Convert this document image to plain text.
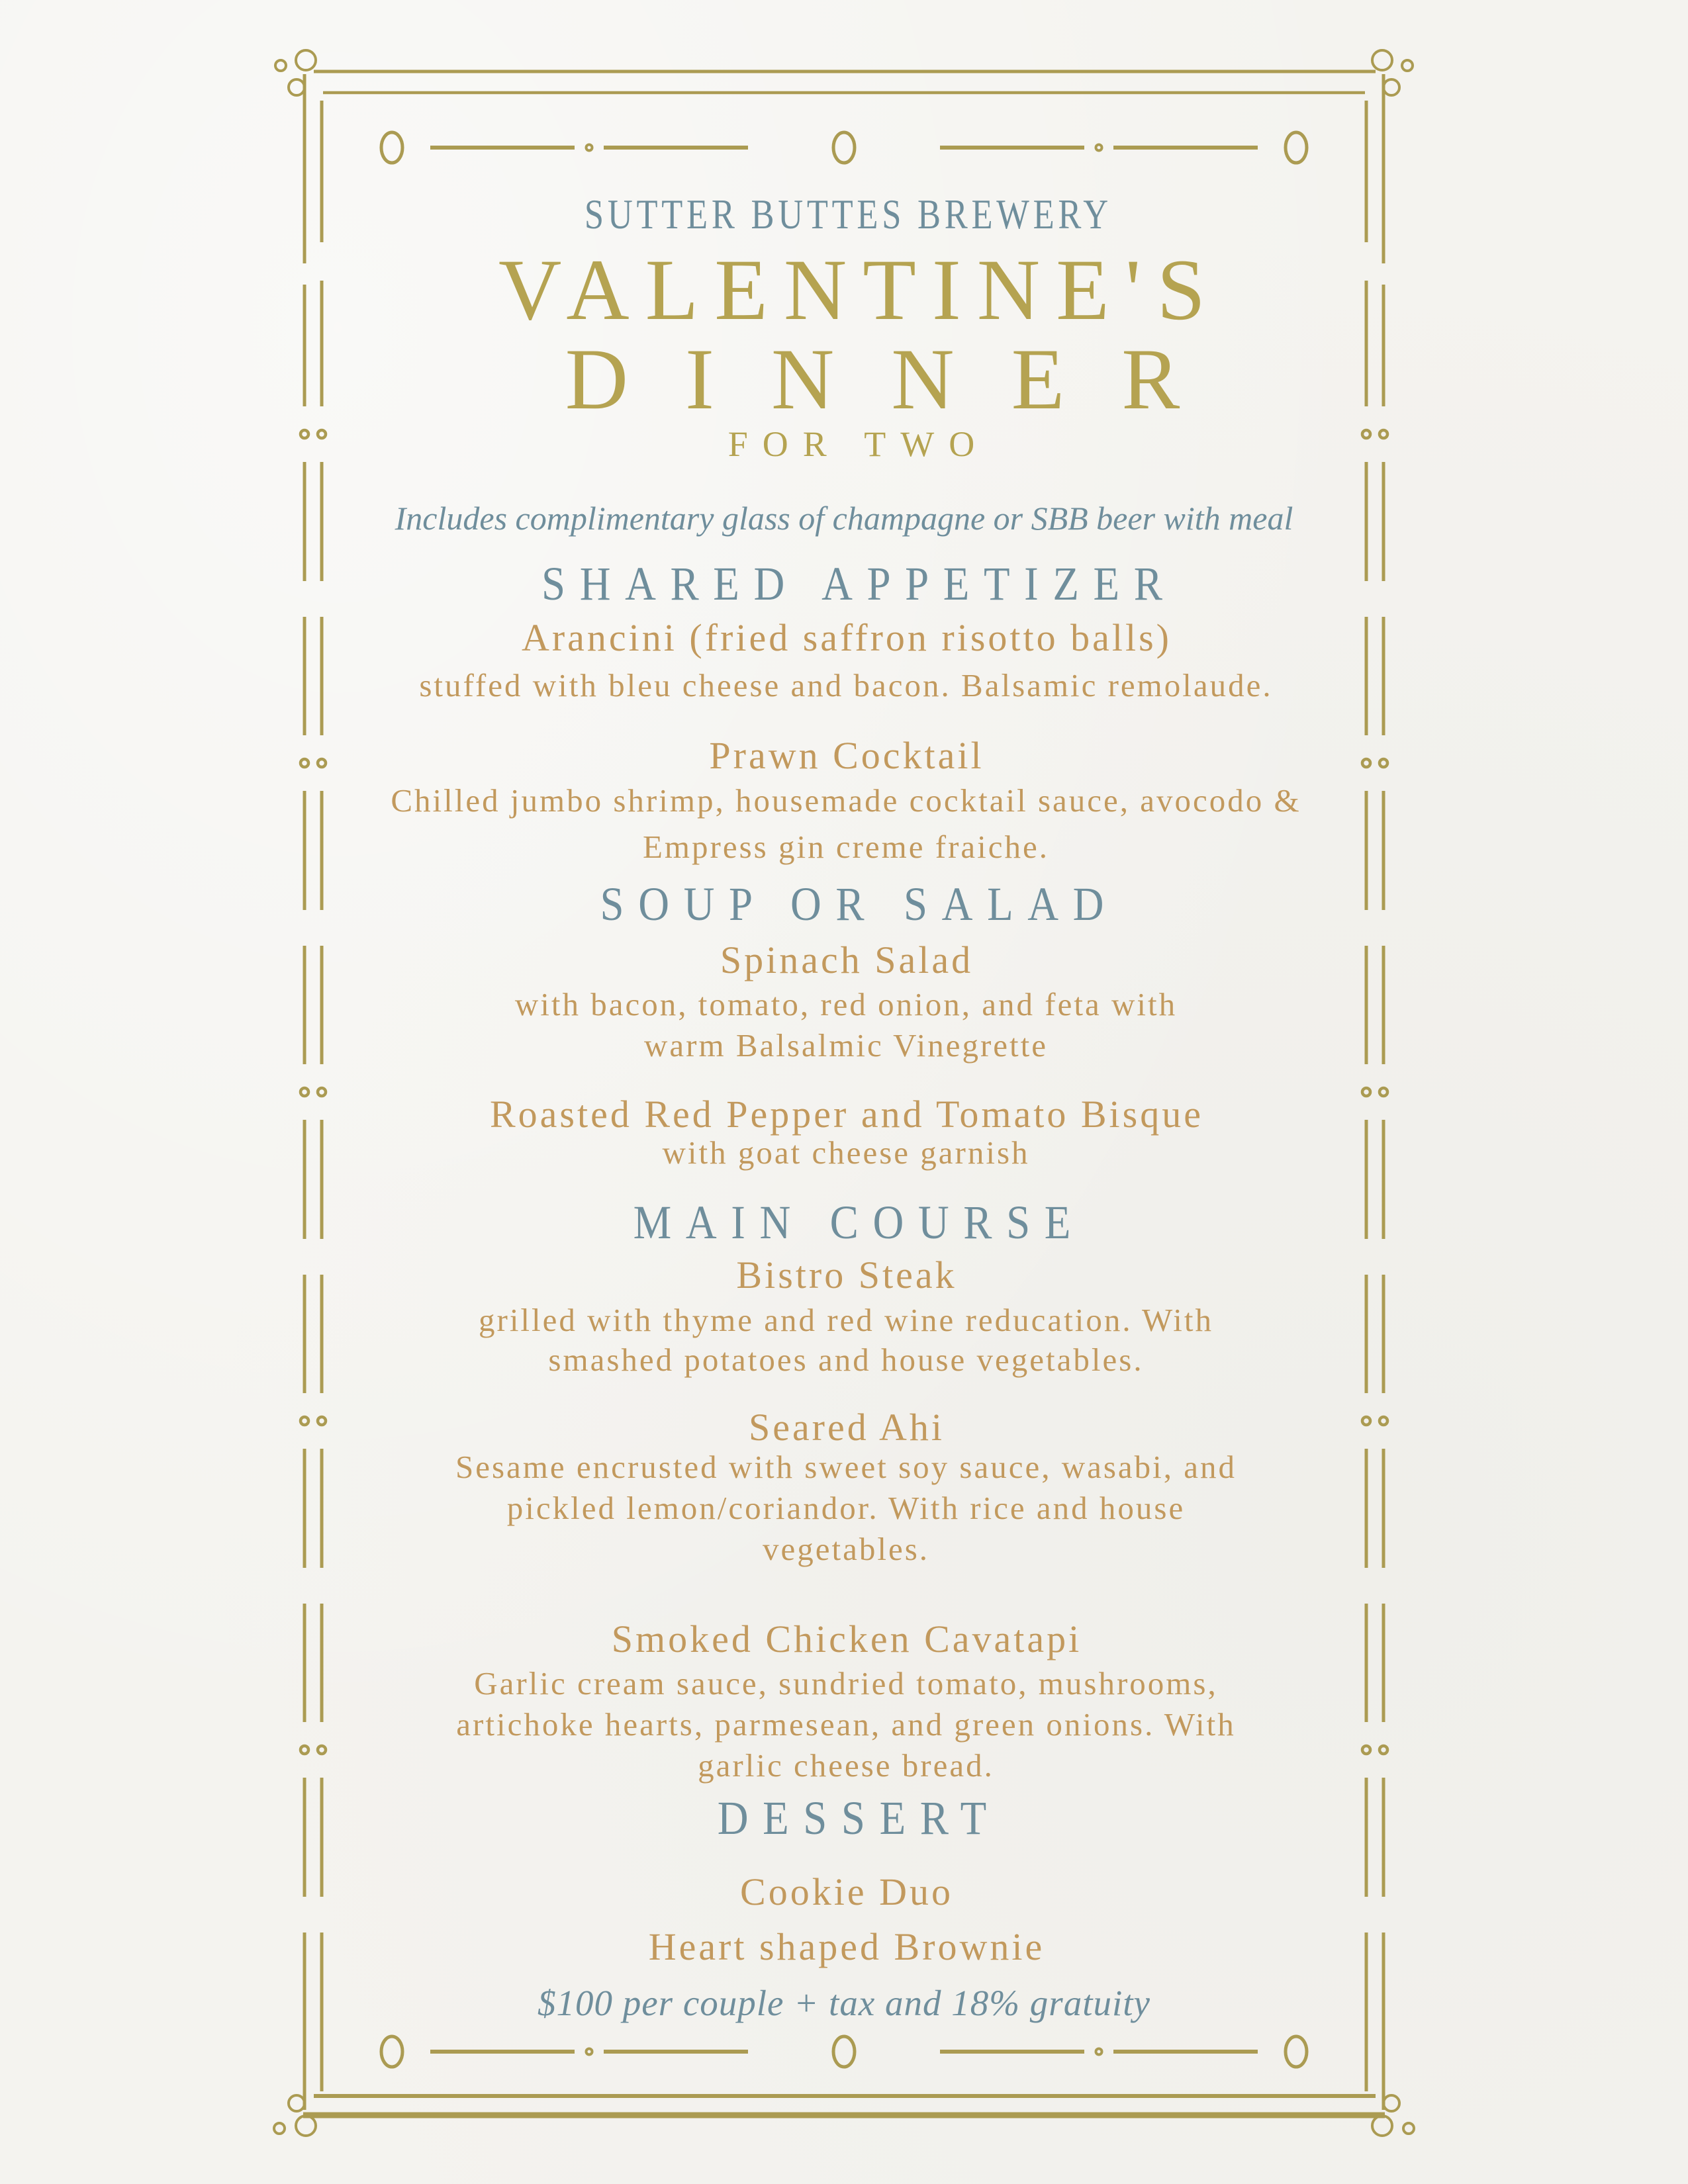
SUTTER BUTTES BREWERY
VALENTINE'S
DINNER
FOR TWO
Includes complimentary glass of champagne or SBB beer with meal
SHARED APPETIZER
Arancini (fried saffron risotto balls)
stuffed with bleu cheese and bacon. Balsamic remolaude.
Prawn Cocktail
Chilled jumbo shrimp, housemade cocktail sauce, avocodo &
Empress gin creme fraiche.
SOUP OR SALAD
Spinach Salad
with bacon, tomato, red onion, and feta with
warm Balsalmic Vinegrette
Roasted Red Pepper and Tomato Bisque
with goat cheese garnish
MAIN COURSE
Bistro Steak
grilled with thyme and red wine reducation. With
smashed potatoes and house vegetables.
Seared Ahi
Sesame encrusted with sweet soy sauce, wasabi, and
pickled lemon/coriandor. With rice and house
vegetables.
Smoked Chicken Cavatapi
Garlic cream sauce, sundried tomato, mushrooms,
artichoke hearts, parmesean, and green onions. With
garlic cheese bread.
DESSERT
Cookie Duo
Heart shaped Brownie
$100 per couple + tax and 18% gratuity
